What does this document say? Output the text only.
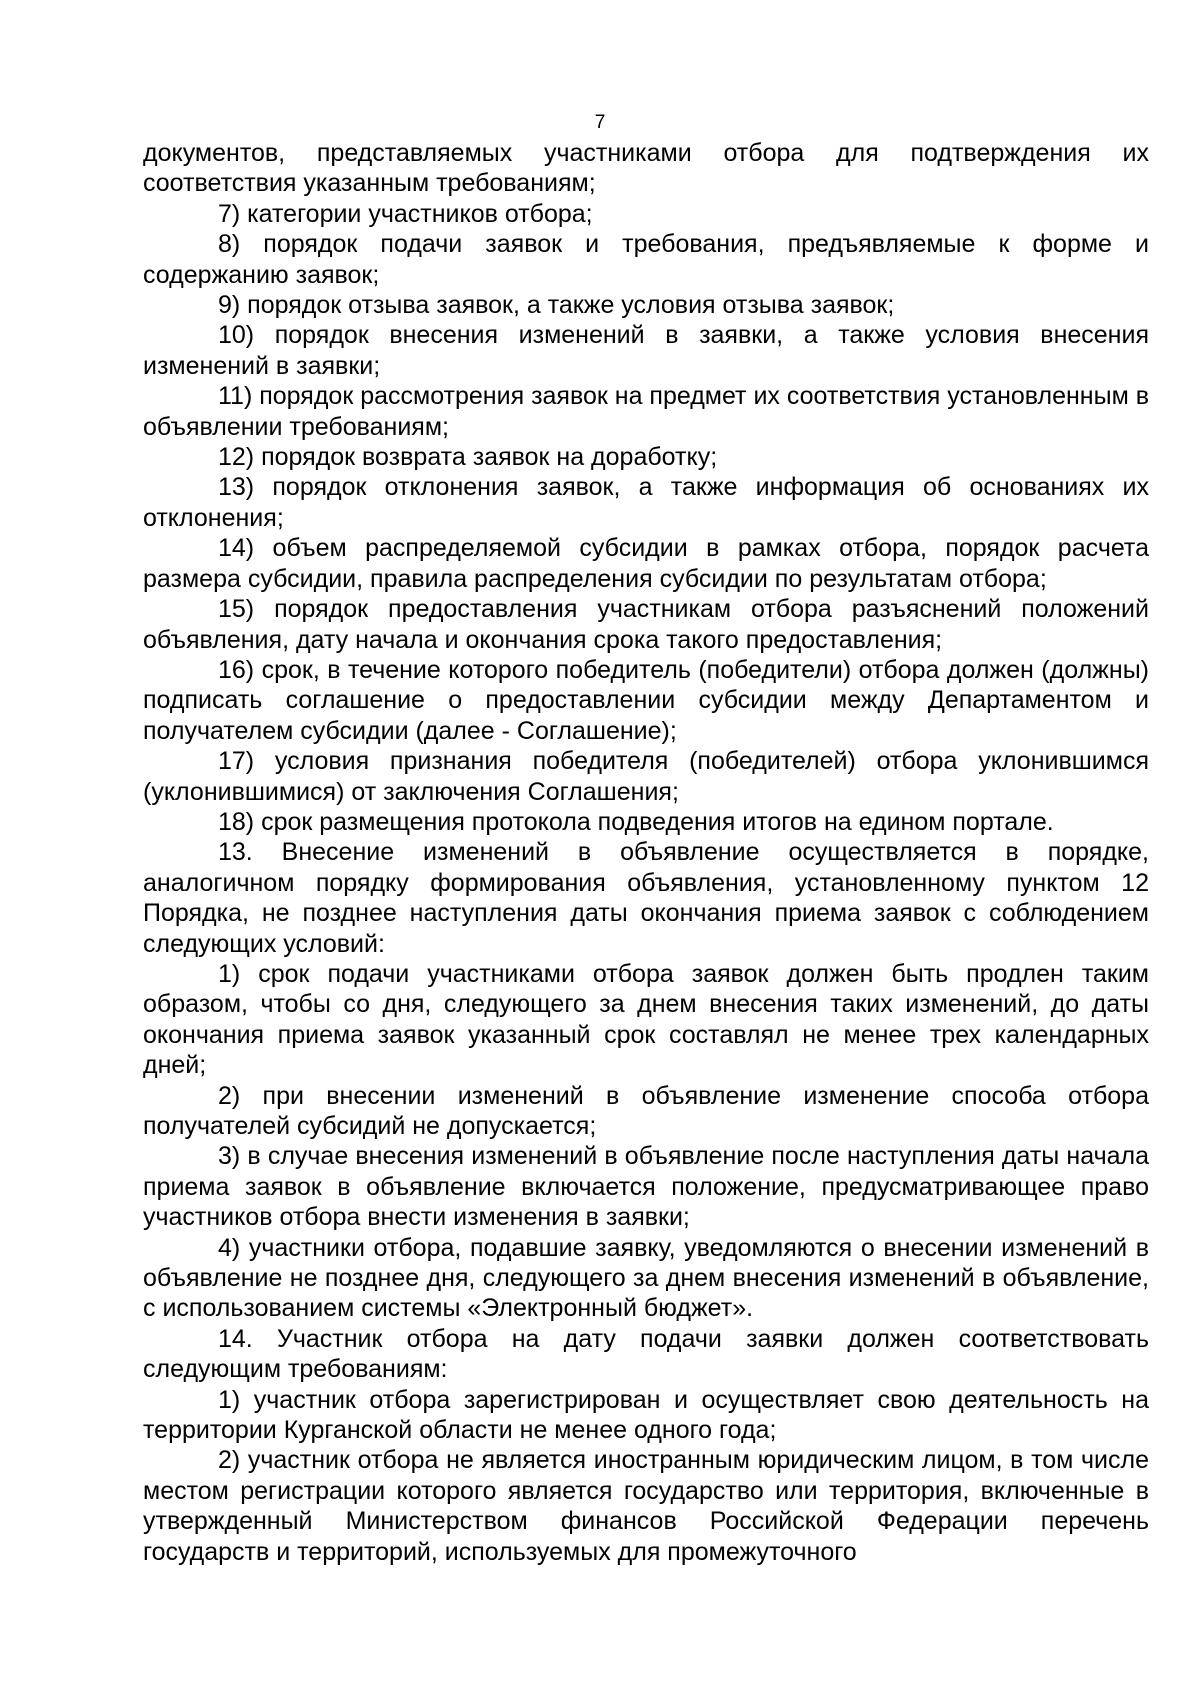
7

документов, представляемых участниками отбора для подтверждения их соответствия указанным требованиям;

7) категории участников отбора;

8) порядок подачи заявок и требования, предъявляемые к форме и содержанию заявок;

9) порядок отзыва заявок, а также условия отзыва заявок;

10) порядок внесения изменений в заявки, а также условия внесения изменений в заявки;

11) порядок рассмотрения заявок на предмет их соответствия установленным в объявлении требованиям;

12) порядок возврата заявок на доработку;

13) порядок отклонения заявок, а также информация об основаниях их отклонения;

14) объем распределяемой субсидии в рамках отбора, порядок расчета размера субсидии, правила распределения субсидии по результатам отбора;

15) порядок предоставления участникам отбора разъяснений положений объявления, дату начала и окончания срока такого предоставления;

16) срок, в течение которого победитель (победители) отбора должен (должны) подписать соглашение о предоставлении субсидии между Департаментом и получателем субсидии (далее - Соглашение);

17) условия признания победителя (победителей) отбора уклонившимся (уклонившимися) от заключения Соглашения;

18) срок размещения протокола подведения итогов на едином портале.

13. Внесение изменений в объявление осуществляется в порядке, аналогичном порядку формирования объявления, установленному пунктом 12 Порядка, не позднее наступления даты окончания приема заявок с соблюдением следующих условий:

1) срок подачи участниками отбора заявок должен быть продлен таким образом, чтобы со дня, следующего за днем внесения таких изменений, до даты окончания приема заявок указанный срок составлял не менее трех календарных дней;

2) при внесении изменений в объявление изменение способа отбора получателей субсидий не допускается;

3) в случае внесения изменений в объявление после наступления даты начала приема заявок в объявление включается положение, предусматривающее право участников отбора внести изменения в заявки;

4) участники отбора, подавшие заявку, уведомляются о внесении изменений в объявление не позднее дня, следующего за днем внесения изменений в объявление, с использованием системы «Электронный бюджет».

14. Участник отбора на дату подачи заявки должен соответствовать следующим требованиям:

1) участник отбора зарегистрирован и осуществляет свою деятельность на территории Курганской области не менее одного года;

2) участник отбора не является иностранным юридическим лицом, в том числе местом регистрации которого является государство или территория, включенные в утвержденный Министерством финансов Российской Федерации перечень государств и территорий, используемых для промежуточного
